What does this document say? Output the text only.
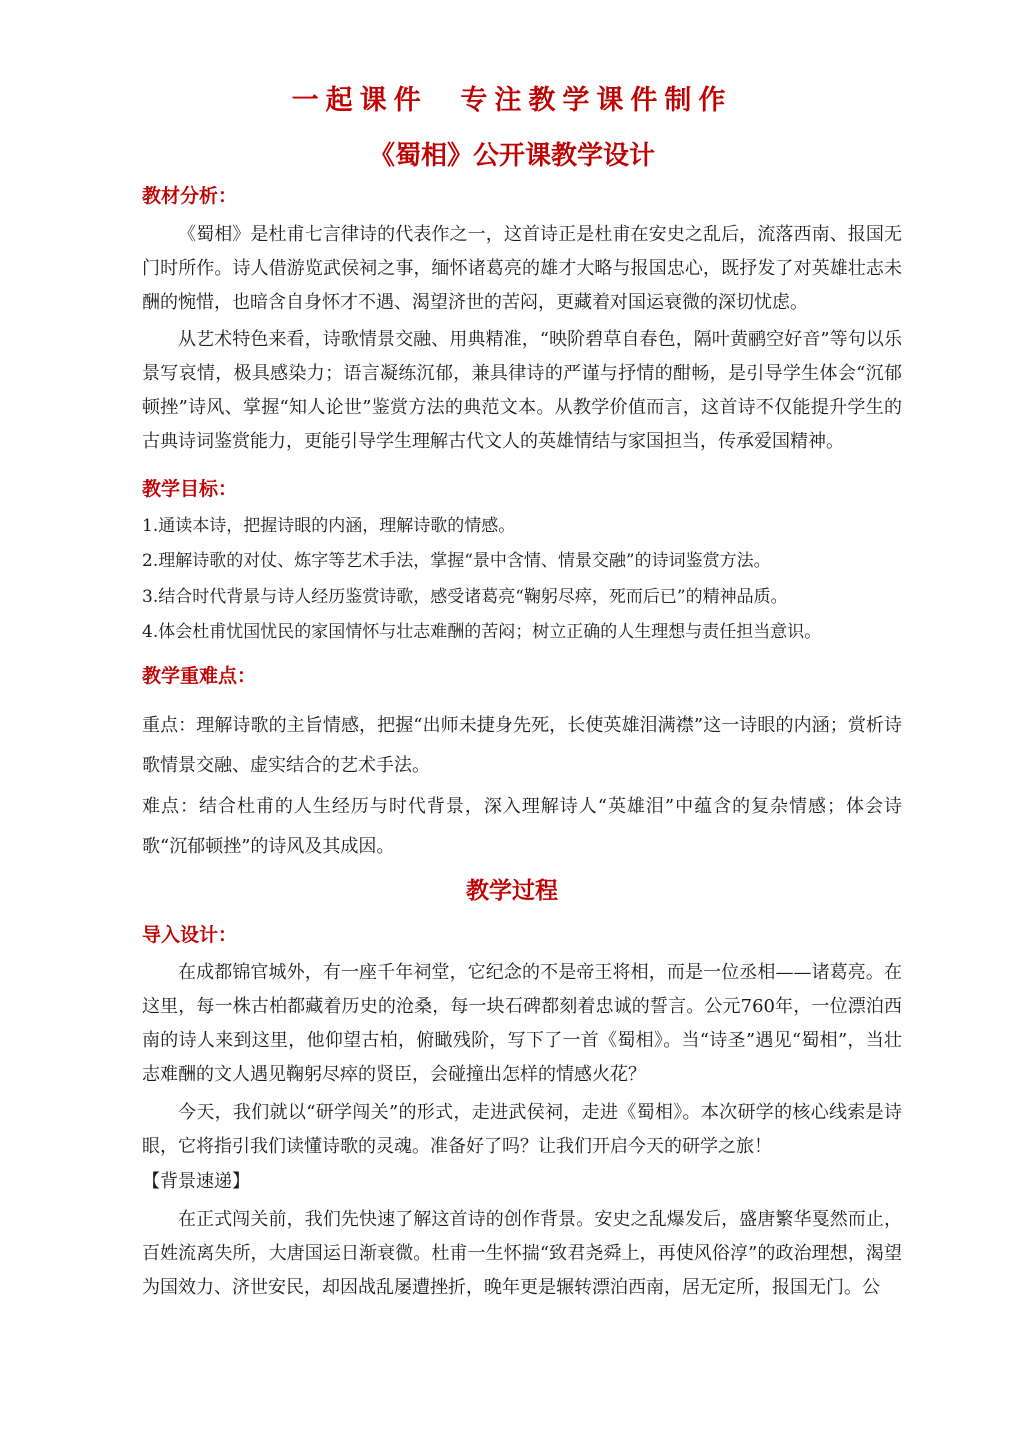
一起课件  专注教学课件制作
《蜀相》公开课教学设计
教材分析：
《蜀相》是杜甫七言律诗的代表作之一，这首诗正是杜甫在安史之乱后，流落西南、报国无门时所作。诗人借游览武侯祠之事，缅怀诸葛亮的雄才大略与报国忠心，既抒发了对英雄壮志未酬的惋惜，也暗含自身怀才不遇、渴望济世的苦闷，更藏着对国运衰微的深切忧虑。
从艺术特色来看，诗歌情景交融、用典精准，“映阶碧草自春色，隔叶黄鹂空好音”等句以乐景写哀情，极具感染力；语言凝练沉郁，兼具律诗的严谨与抒情的酣畅，是引导学生体会“沉郁顿挫”诗风、掌握“知人论世”鉴赏方法的典范文本。从教学价值而言，这首诗不仅能提升学生的古典诗词鉴赏能力，更能引导学生理解古代文人的英雄情结与家国担当，传承爱国精神。
教学目标：
1.通读本诗，把握诗眼的内涵，理解诗歌的情感。
2.理解诗歌的对仗、炼字等艺术手法，掌握“景中含情、情景交融”的诗词鉴赏方法。
3.结合时代背景与诗人经历鉴赏诗歌，感受诸葛亮“鞠躬尽瘁，死而后已”的精神品质。
4.体会杜甫忧国忧民的家国情怀与壮志难酬的苦闷；树立正确的人生理想与责任担当意识。
教学重难点：
重点：理解诗歌的主旨情感，把握“出师未捷身先死，长使英雄泪满襟”这一诗眼的内涵；赏析诗歌情景交融、虚实结合的艺术手法。
难点：结合杜甫的人生经历与时代背景，深入理解诗人“英雄泪”中蕴含的复杂情感；体会诗歌“沉郁顿挫”的诗风及其成因。
教学过程
导入设计：
在成都锦官城外，有一座千年祠堂，它纪念的不是帝王将相，而是一位丞相——诸葛亮。在这里，每一株古柏都藏着历史的沧桑，每一块石碑都刻着忠诚的誓言。公元760年，一位漂泊西南的诗人来到这里，他仰望古柏，俯瞰残阶，写下了一首《蜀相》。当“诗圣”遇见“蜀相”，当壮志难酬的文人遇见鞠躬尽瘁的贤臣，会碰撞出怎样的情感火花？
今天，我们就以“研学闯关”的形式，走进武侯祠，走进《蜀相》。本次研学的核心线索是诗眼，它将指引我们读懂诗歌的灵魂。准备好了吗？让我们开启今天的研学之旅！
【背景速递】
在正式闯关前，我们先快速了解这首诗的创作背景。安史之乱爆发后，盛唐繁华戛然而止，百姓流离失所，大唐国运日渐衰微。杜甫一生怀揣“致君尧舜上，再使风俗淳”的政治理想，渴望为国效力、济世安民，却因战乱屡遭挫折，晚年更是辗转漂泊西南，居无定所，报国无门。公
